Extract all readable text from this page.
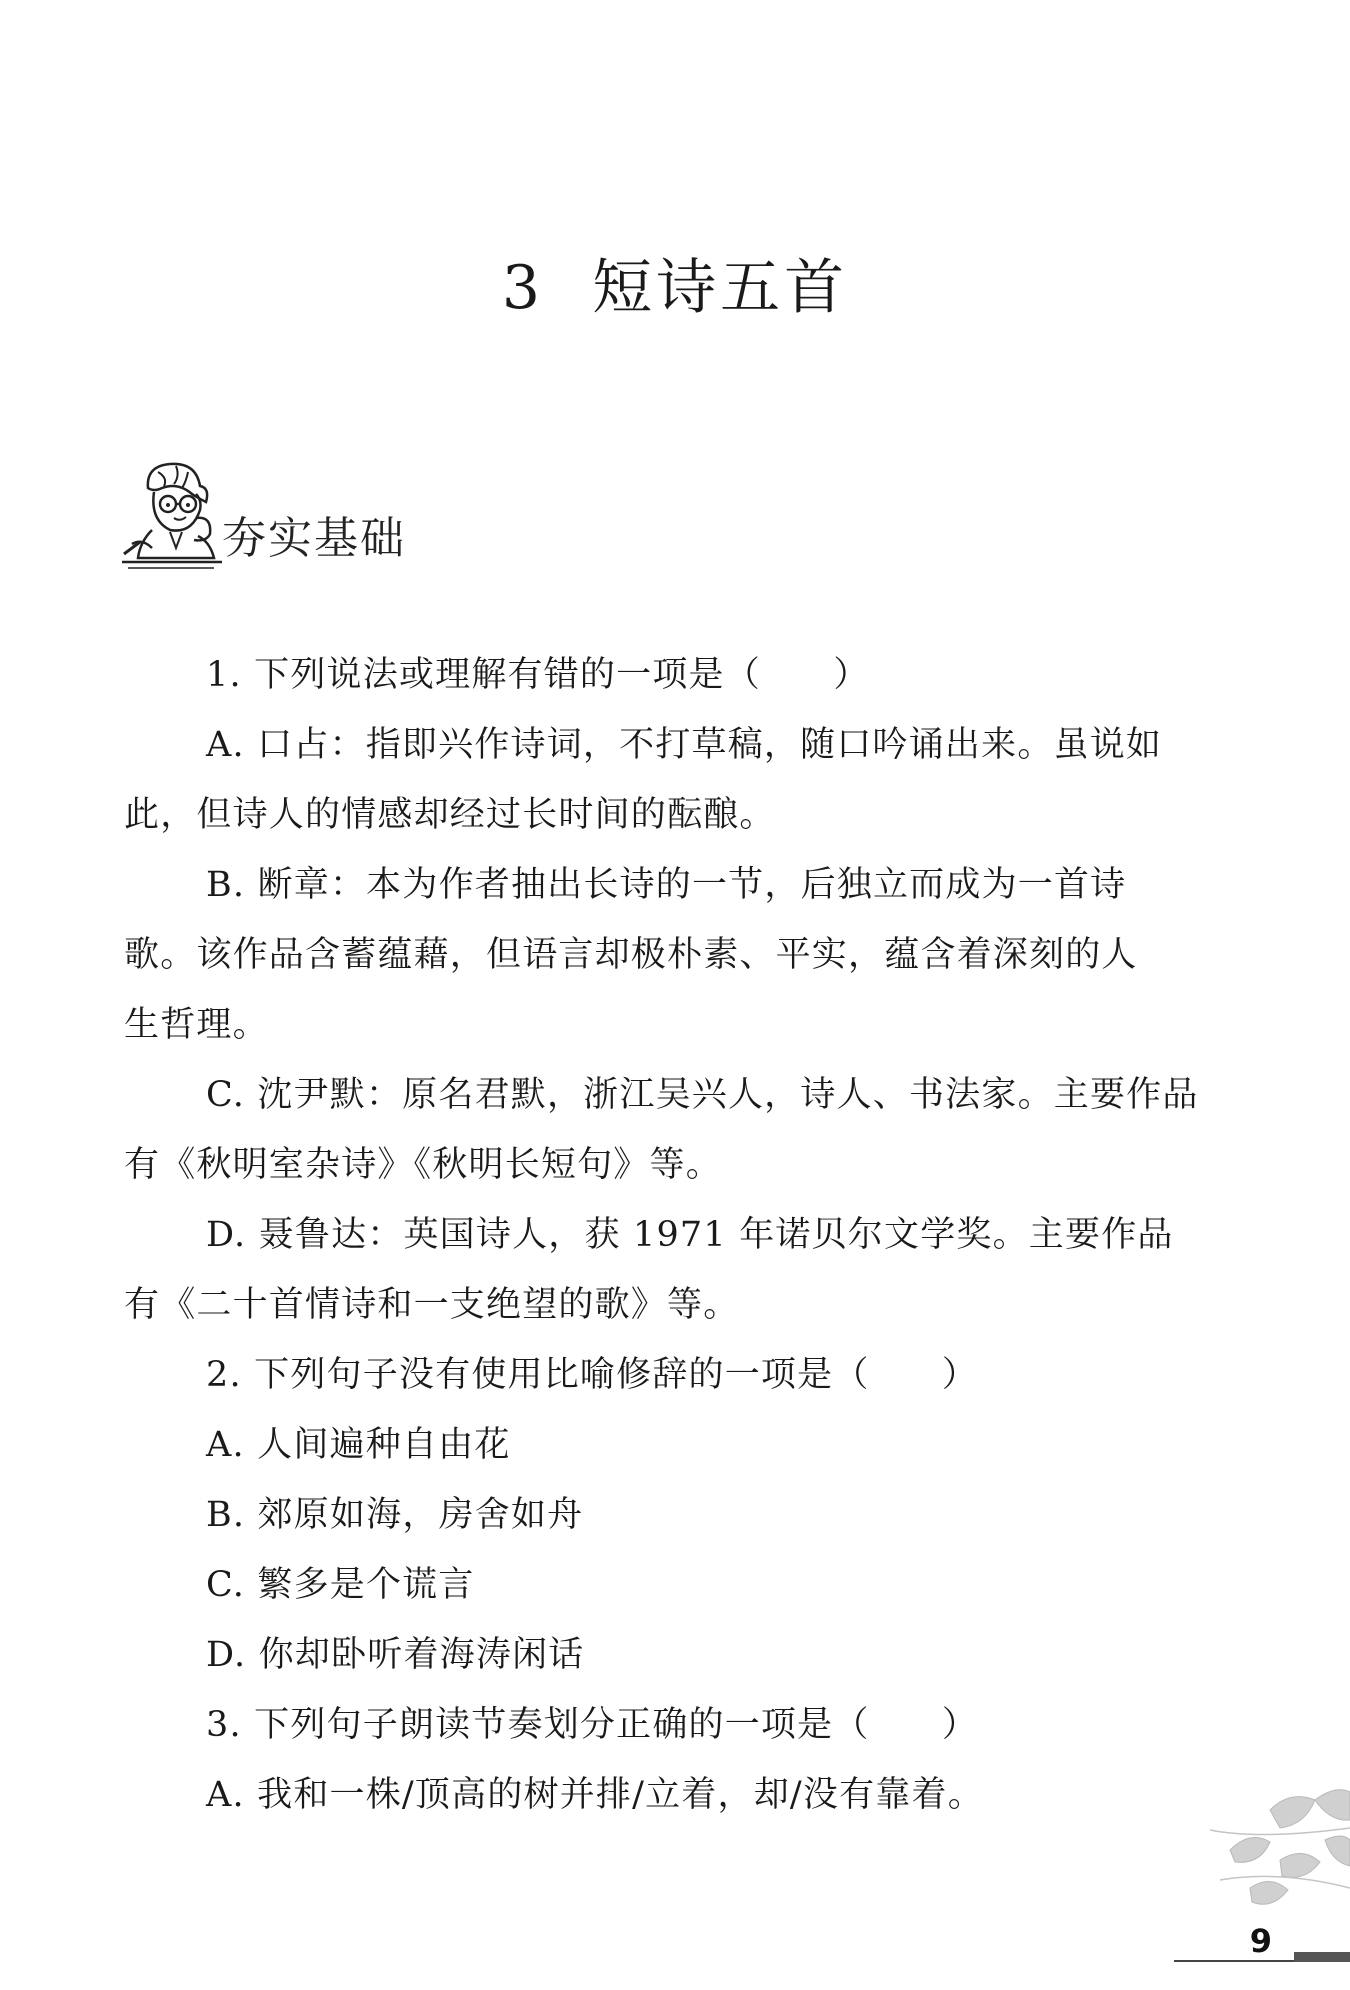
3 短诗五首
夯实基础
1. 下列说法或理解有错的一项是（　　）
A. 口占：指即兴作诗词，不打草稿，随口吟诵出来。虽说如
此，但诗人的情感却经过长时间的酝酿。
B. 断章：本为作者抽出长诗的一节，后独立而成为一首诗
歌。该作品含蓄蕴藉，但语言却极朴素、平实，蕴含着深刻的人
生哲理。
C. 沈尹默：原名君默，浙江吴兴人，诗人、书法家。主要作品
有《秋明室杂诗》《秋明长短句》等。
D. 聂鲁达：英国诗人，获 1971 年诺贝尔文学奖。主要作品
有《二十首情诗和一支绝望的歌》等。
2. 下列句子没有使用比喻修辞的一项是（　　）
A. 人间遍种自由花
B. 郊原如海，房舍如舟
C. 繁多是个谎言
D. 你却卧听着海涛闲话
3. 下列句子朗读节奏划分正确的一项是（　　）
A. 我和一株/顶高的树并排/立着，却/没有靠着。
9
